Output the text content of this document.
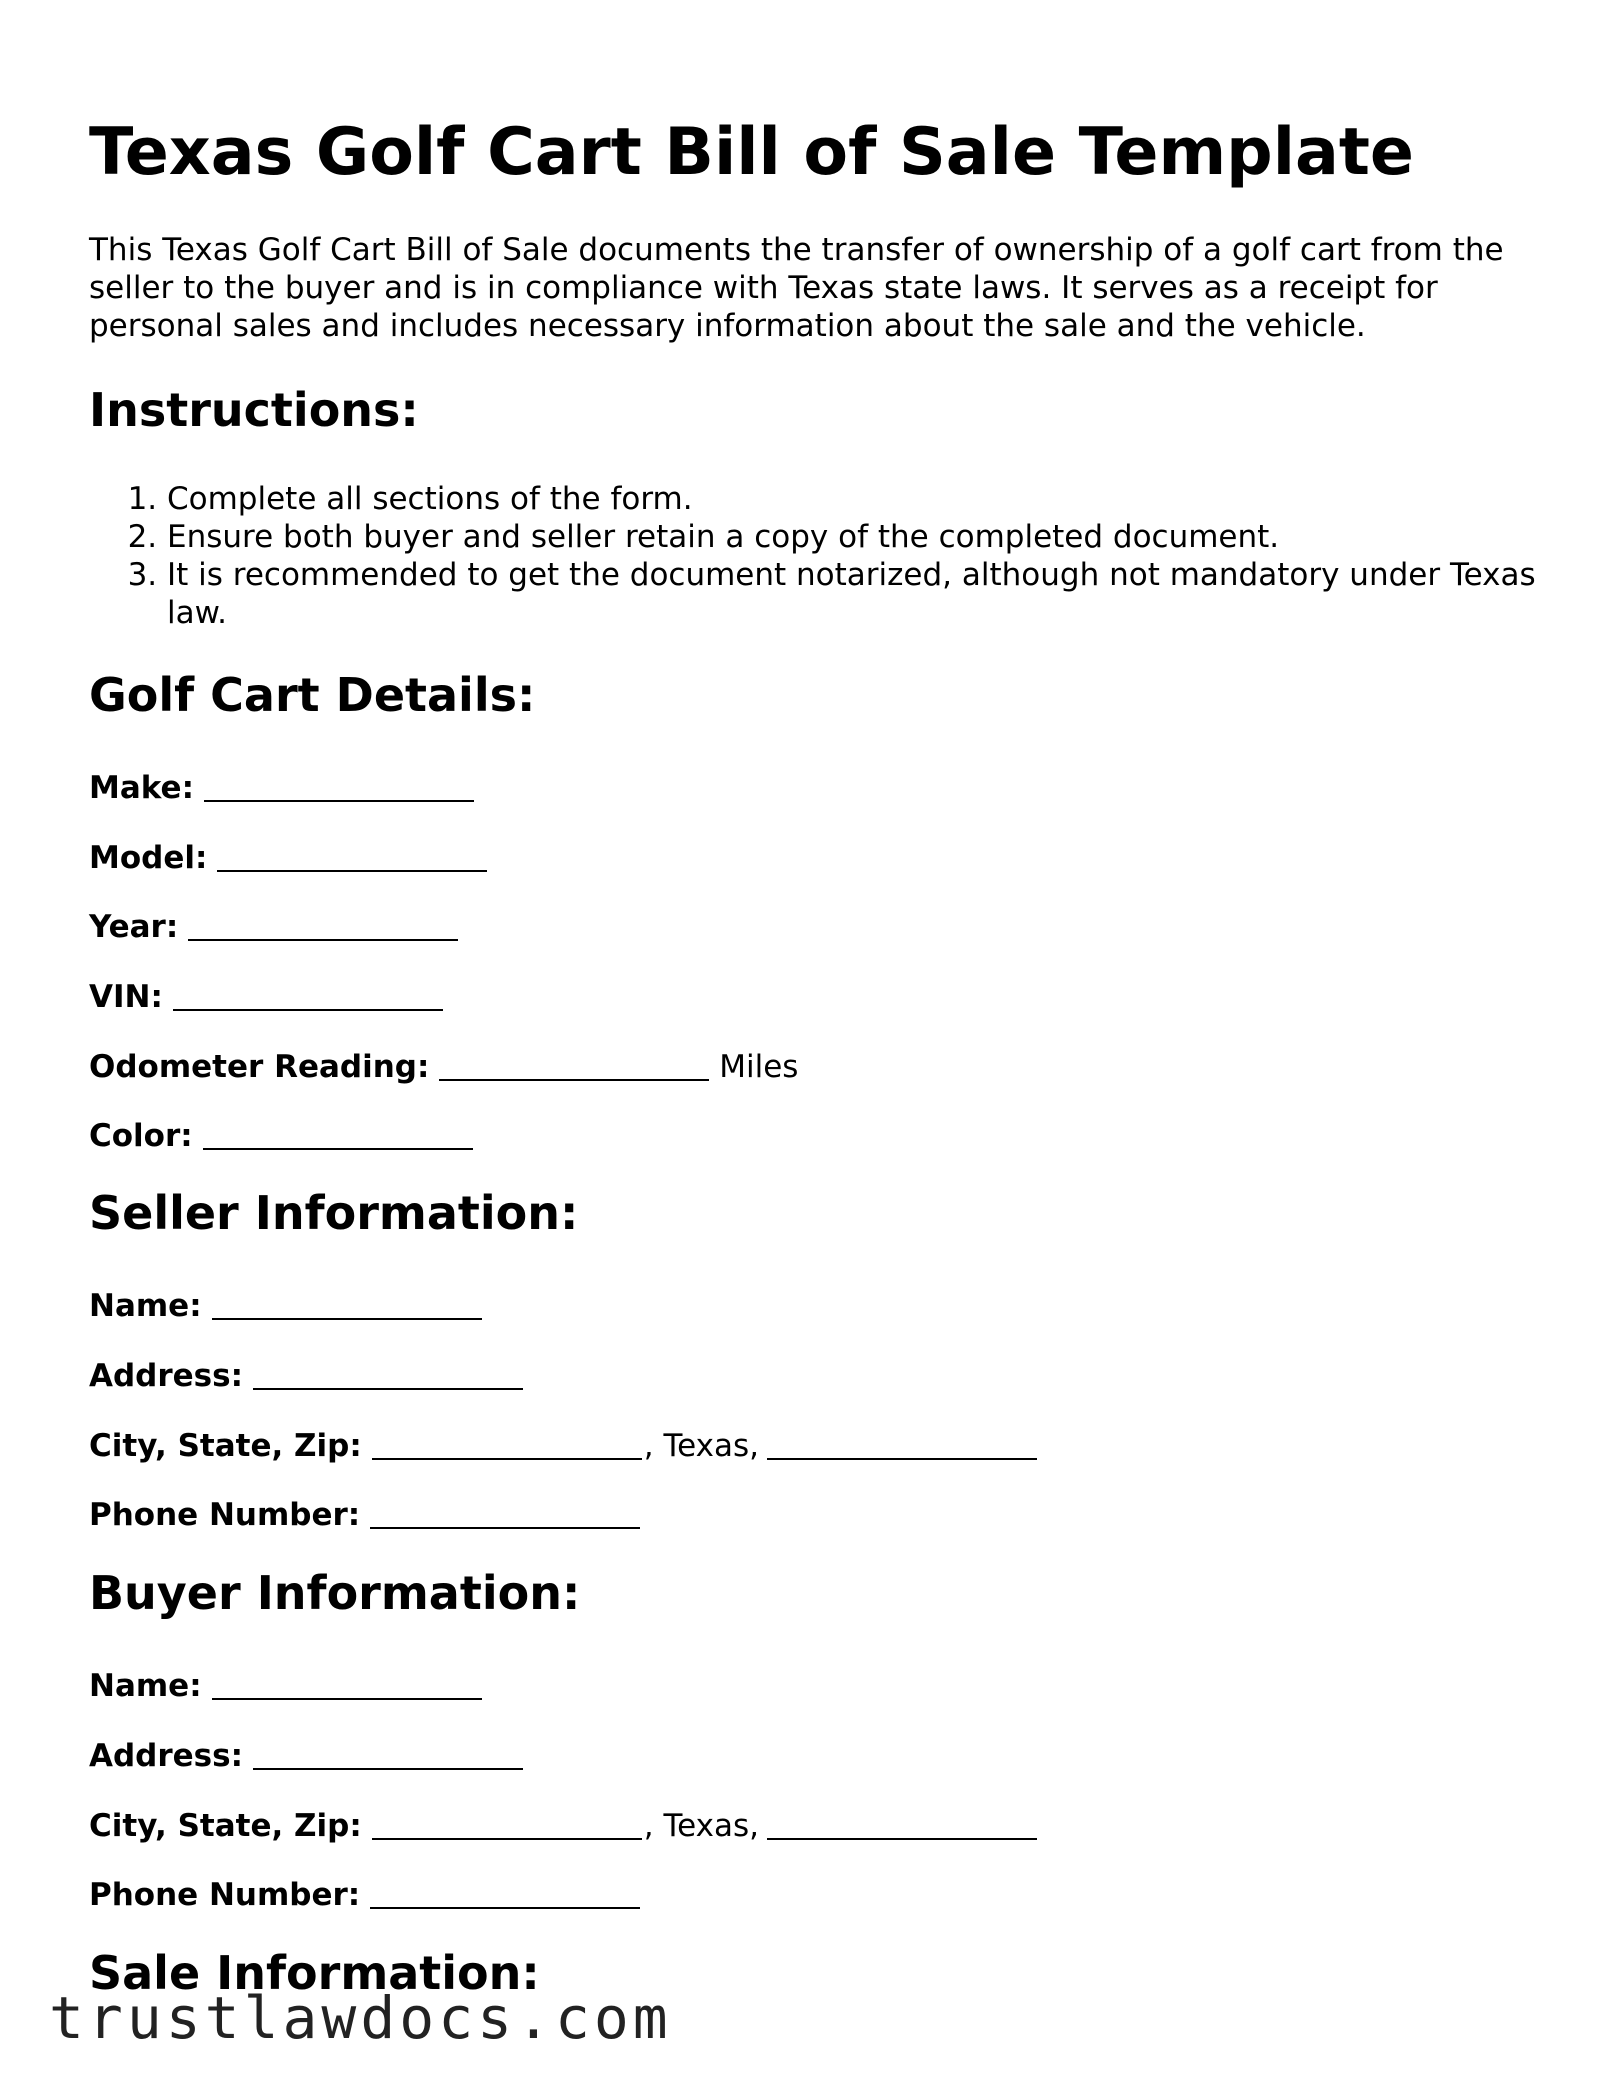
Texas Golf Cart Bill of Sale Template

This Texas Golf Cart Bill of Sale documents the transfer of ownership of a golf cart from the seller to the buyer and is in compliance with Texas state laws. It serves as a receipt for personal sales and includes necessary information about the sale and the vehicle.

Instructions:
1. Complete all sections of the form.
2. Ensure both buyer and seller retain a copy of the completed document.
3. It is recommended to get the document notarized, although not mandatory under Texas law.
Golf Cart Details:
Make:
Model:
Year:
VIN:
Odometer Reading:	Miles
Color:
Seller Information:
Name:
Address:
City, State, Zip:	, Texas,
Phone Number:
Buyer Information:
Name:
Address:
City, State, Zip:	, Texas,
Phone Number:
Sale Information:
trustlawdocs.com
